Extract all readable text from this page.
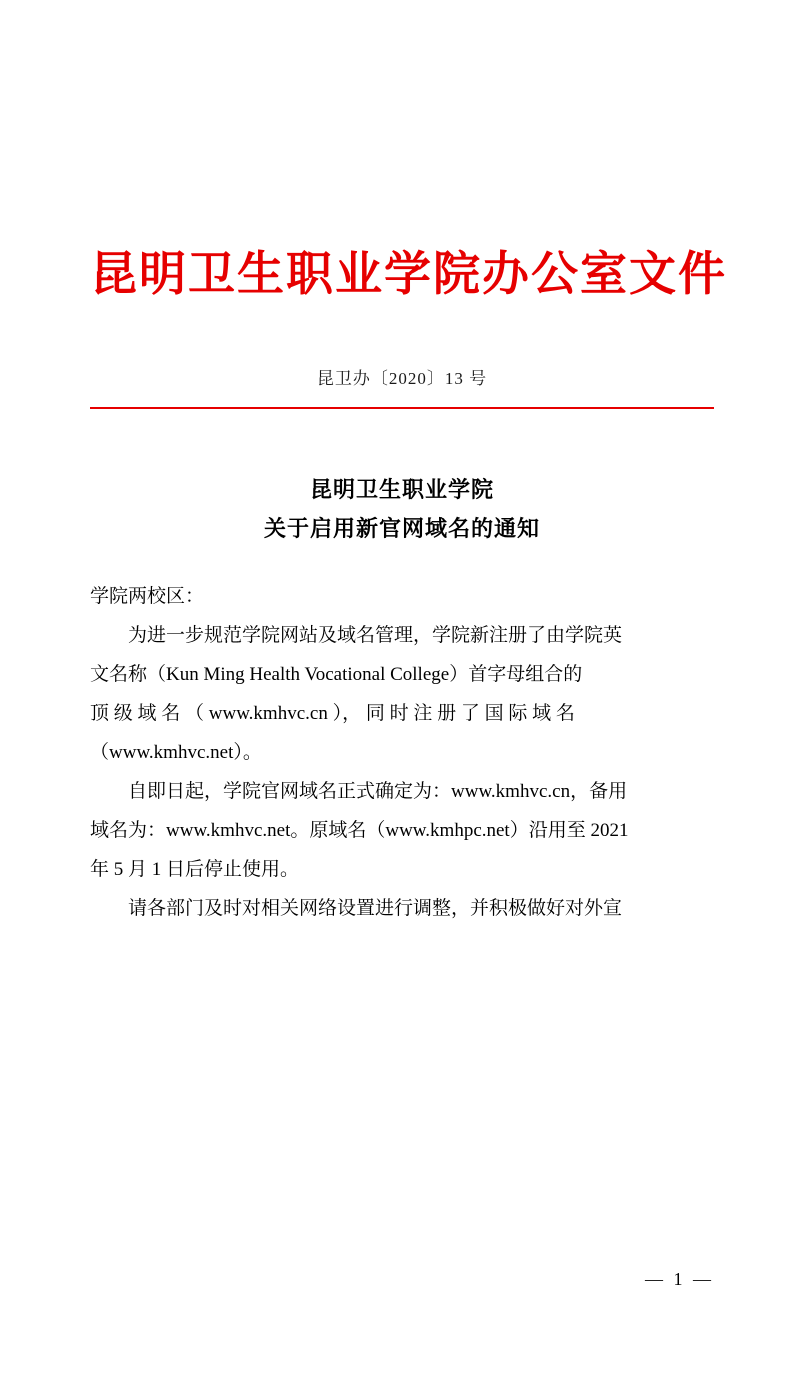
昆明卫生职业学院办公室文件
昆卫办〔2020〕13 号
昆明卫生职业学院
关于启用新官网域名的通知

学院两校区：

为进一步规范学院网站及域名管理，学院新注册了由学院英

文名称（Kun Ming Health Vocational College）首字母组合的

顶 级 域 名 （ www.kmhvc.cn ）， 同 时 注 册 了 国 际 域 名

（www.kmhvc.net）。

自即日起，学院官网域名正式确定为：www.kmhvc.cn，备用

域名为：www.kmhvc.net。原域名（www.kmhpc.net）沿用至 2021

年 5 月 1 日后停止使用。

请各部门及时对相关网络设置进行调整，并积极做好对外宣

— 1 —
